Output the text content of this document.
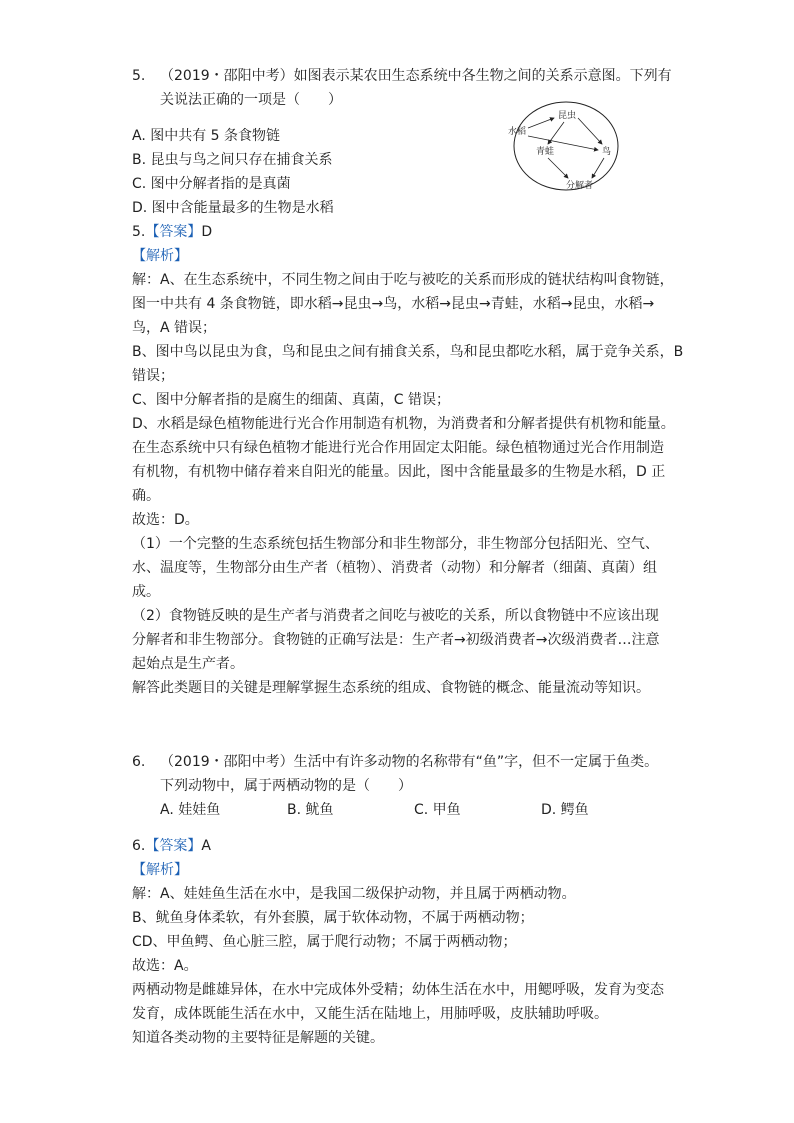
5. （2019・邵阳中考）如图表示某农田生态系统中各生物之间的关系示意图。下列有
关说法正确的一项是（　　）
A. 图中共有 5 条食物链
B. 昆虫与鸟之间只存在捕食关系
C. 图中分解者指的是真菌
D. 图中含能量最多的生物是水稻
水稻
昆虫
青蛙	鸟
分解者
5.【答案】D
【解析】
解：A、在生态系统中，不同生物之间由于吃与被吃的关系而形成的链状结构叫食物链，
图一中共有 4 条食物链，即水稻→昆虫→鸟，水稻→昆虫→青蛙，水稻→昆虫，水稻→
鸟，A 错误；
B、图中鸟以昆虫为食，鸟和昆虫之间有捕食关系，鸟和昆虫都吃水稻，属于竞争关系，B
错误；
C、图中分解者指的是腐生的细菌、真菌，C 错误；
D、水稻是绿色植物能进行光合作用制造有机物，为消费者和分解者提供有机物和能量。
在生态系统中只有绿色植物才能进行光合作用固定太阳能。绿色植物通过光合作用制造
有机物，有机物中储存着来自阳光的能量。因此，图中含能量最多的生物是水稻，D 正
确。
故选：D。
（1）一个完整的生态系统包括生物部分和非生物部分，非生物部分包括阳光、空气、
水、温度等，生物部分由生产者（植物）、消费者（动物）和分解者（细菌、真菌）组
成。
（2）食物链反映的是生产者与消费者之间吃与被吃的关系，所以食物链中不应该出现
分解者和非生物部分。食物链的正确写法是：生产者→初级消费者→次级消费者…注意
起始点是生产者。
解答此类题目的关键是理解掌握生态系统的组成、食物链的概念、能量流动等知识。
6. （2019・邵阳中考）生活中有许多动物的名称带有“鱼”字，但不一定属于鱼类。
下列动物中，属于两栖动物的是（　　）
A. 娃娃鱼	B. 鱿鱼	C. 甲鱼	D. 鳄鱼
6.【答案】A
【解析】
解：A、娃娃鱼生活在水中，是我国二级保护动物，并且属于两栖动物。
B、鱿鱼身体柔软，有外套膜，属于软体动物，不属于两栖动物；
CD、甲鱼鳄、鱼心脏三腔，属于爬行动物；不属于两栖动物；
故选：A。
两栖动物是雌雄异体，在水中完成体外受精；幼体生活在水中，用鳃呼吸，发育为变态
发育，成体既能生活在水中，又能生活在陆地上，用肺呼吸，皮肤辅助呼吸。
知道各类动物的主要特征是解题的关键。
